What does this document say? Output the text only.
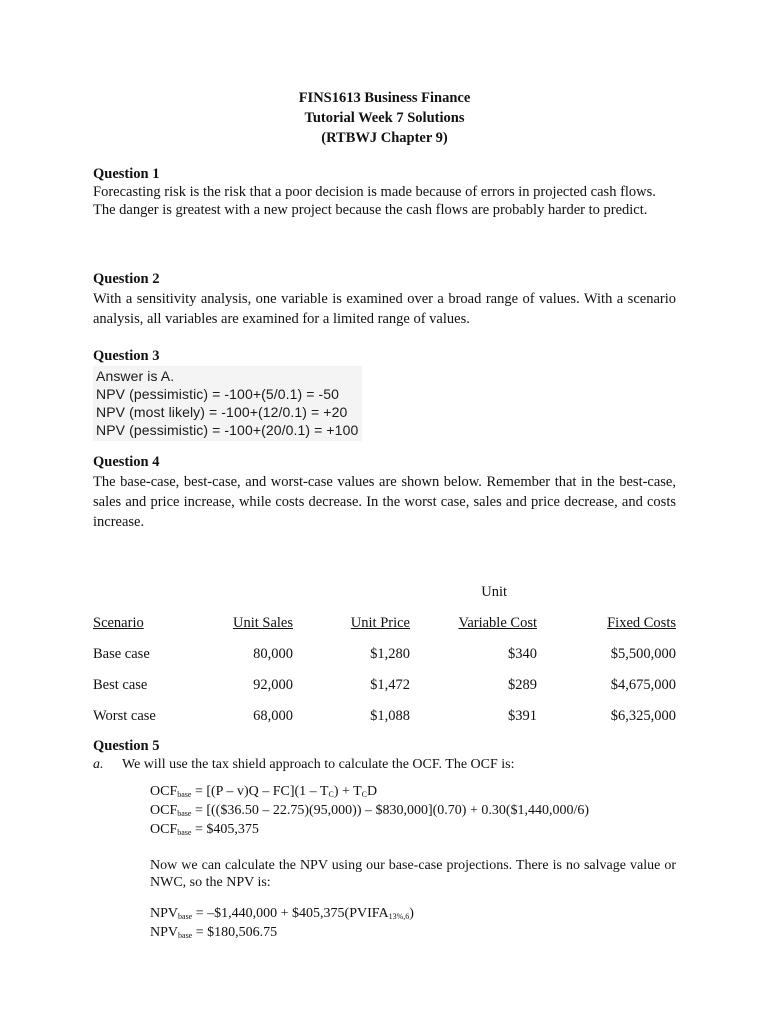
FINS1613 Business Finance
Tutorial Week 7 Solutions
(RTBWJ Chapter 9)
Question 1

Forecasting risk is the risk that a poor decision is made because of errors in projected cash flows.

The danger is greatest with a new project because the cash flows are probably harder to predict.

Question 2

With a sensitivity analysis, one variable is examined over a broad range of values. With a scenario analysis, all variables are examined for a limited range of values.

Question 3
Answer is A.
NPV (pessimistic) = -100+(5/0.1) = -50
NPV (most likely) = -100+(12/0.1) = +20
NPV (pessimistic) = -100+(20/0.1) = +100
Question 4

The base-case, best-case, and worst-case values are shown below. Remember that in the best-case, sales and price increase, while costs decrease. In the worst case, sales and price decrease, and costs increase.

			Unit	
Scenario	Unit Sales	Unit Price	Variable Cost	Fixed Costs
Base case	80,000	$1,280	$340	$5,500,000
Best case	92,000	$1,472	$289	$4,675,000
Worst case	68,000	$1,088	$391	$6,325,000
Question 5
a. We will use the tax shield approach to calculate the OCF. The OCF is:

$OCF_{base} = [(P - v)Q - FC](1 - T_C) + T_CD$

$OCF_{base}$ = [(($36.50 – 22.75)(95,000)) – $830,000](0.70) + 0.30($1,440,000/6)

$OCF_{base}$ = $405,375

Now we can calculate the NPV using our base-case projections. There is no salvage value or NWC, so the NPV is:

$NPV_{base}$ = –$1,440,000 + $\$405,375(PVIFA_{13\%,6})$

$NPV_{base}$ = $180,506.75
